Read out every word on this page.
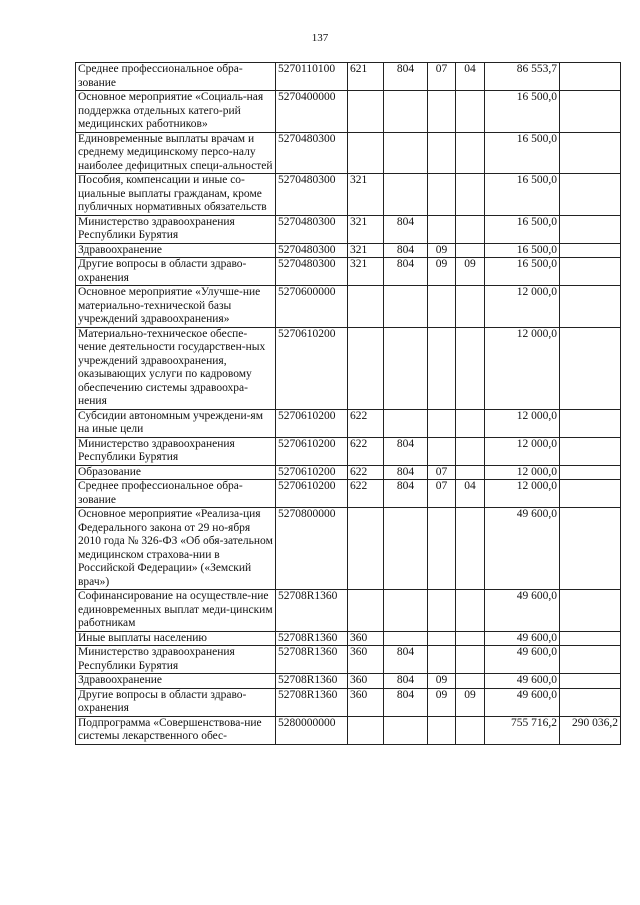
137
Среднее профессиональное обра-зование	5270110100	621	804	07	04	86 553,7	
Основное мероприятие «Социаль-ная поддержка отдельных катего-рий медицинских работников»	5270400000					16 500,0	
Единовременные выплаты врачам и среднему медицинскому персо-налу наиболее дефицитных специ-альностей	5270480300					16 500,0	
Пособия, компенсации и иные со-циальные выплаты гражданам, кроме публичных нормативных обязательств	5270480300	321				16 500,0	
Министерство здравоохранения Республики Бурятия	5270480300	321	804			16 500,0	
Здравоохранение	5270480300	321	804	09		16 500,0	
Другие вопросы в области здраво-охранения	5270480300	321	804	09	09	16 500,0	
Основное мероприятие «Улучше-ние материально-технической базы учреждений здравоохранения»	5270600000					12 000,0	
Материально-техническое обеспе-чение деятельности государствен-ных учреждений здравоохранения, оказывающих услуги по кадровому обеспечению системы здравоохра-нения	5270610200					12 000,0	
Субсидии автономным учреждени-ям на иные цели	5270610200	622				12 000,0	
Министерство здравоохранения Республики Бурятия	5270610200	622	804			12 000,0	
Образование	5270610200	622	804	07		12 000,0	
Среднее профессиональное обра-зование	5270610200	622	804	07	04	12 000,0	
Основное мероприятие «Реализа-ция Федерального закона от 29 но-ября 2010 года № 326-ФЗ «Об обя-зательном медицинском страхова-нии в Российской Федерации» («Земский врач»)	5270800000					49 600,0	
Софинансирование на осуществле-ние единовременных выплат меди-цинским работникам	52708R1360					49 600,0	
Иные выплаты населению	52708R1360	360				49 600,0	
Министерство здравоохранения Республики Бурятия	52708R1360	360	804			49 600,0	
Здравоохранение	52708R1360	360	804	09		49 600,0	
Другие вопросы в области здраво-охранения	52708R1360	360	804	09	09	49 600,0	
Подпрограмма «Совершенствова-ние системы лекарственного обес-	5280000000					755 716,2	290 036,2
